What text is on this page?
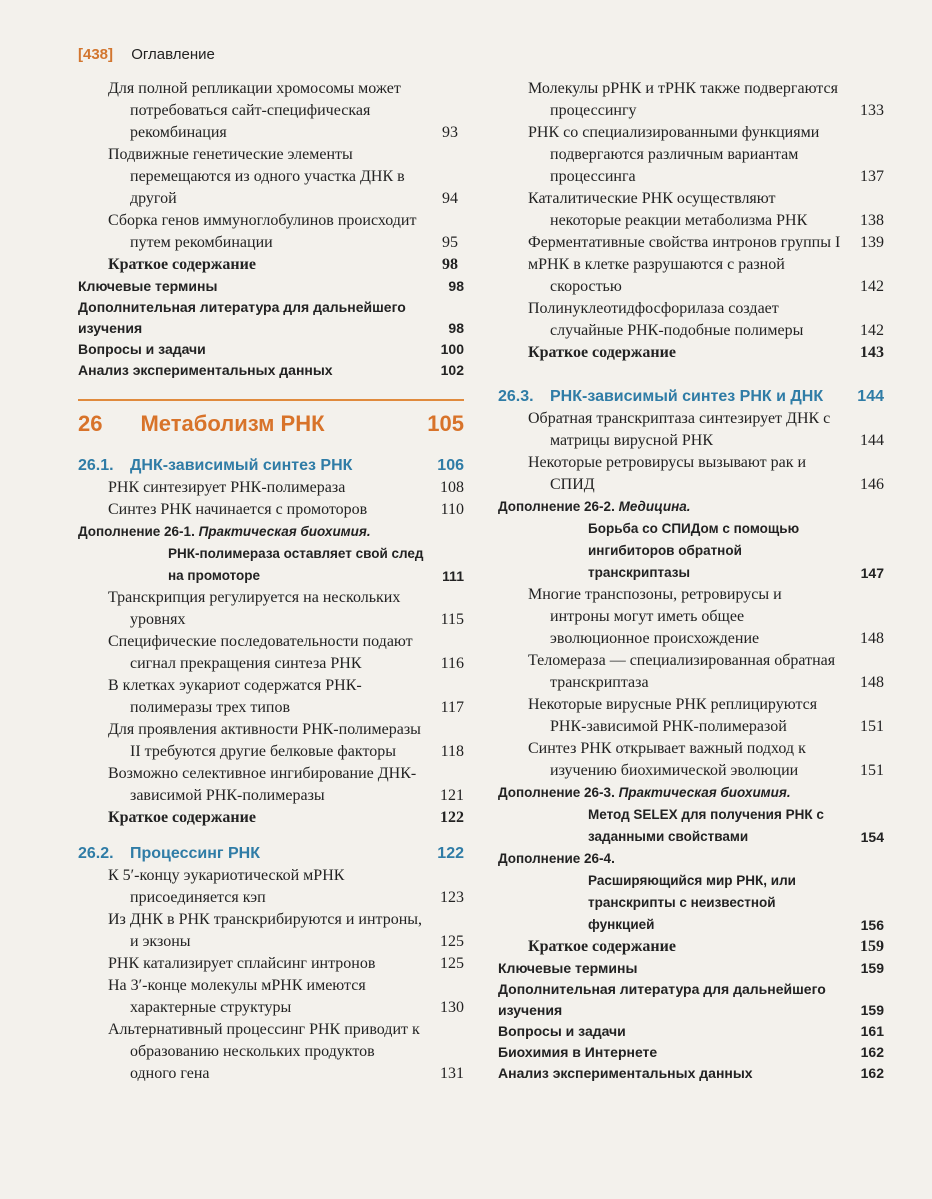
[438] Оглавление
Для полной репликации хромосомы может потребоваться сайт-специфическая рекомбинация	93
Подвижные генетические элементы перемещаются из одного участка ДНК в другой	94
Сборка генов иммуноглобулинов происходит путем рекомбинации	95
Краткое содержание	98
Ключевые термины	98
Дополнительная литература для дальнейшего изучения	98
Вопросы и задачи	100
Анализ экспериментальных данных	102
26 Метаболизм РНК	105
26.1. ДНК-зависимый синтез РНК	106
РНК синтезирует РНК-полимераза	108
Синтез РНК начинается с промоторов	110
Дополнение 26-1. Практическая биохимия.
РНК-полимераза оставляет свой след на промоторе	111
Транскрипция регулируется на нескольких уровнях	115
Специфические последовательности подают сигнал прекращения синтеза РНК	116
В клетках эукариот содержатся РНК-полимеразы трех типов	117
Для проявления активности РНК-полимеразы II требуются другие белковые факторы	118
Возможно селективное ингибирование ДНК-зависимой РНК-полимеразы	121
Краткое содержание	122
26.2. Процессинг РНК	122
К 5′-концу эукариотической мРНК присоединяется кэп	123
Из ДНК в РНК транскрибируются и интроны, и экзоны	125
РНК катализирует сплайсинг интронов	125
На 3′-конце молекулы мРНК имеются характерные структуры	130
Альтернативный процессинг РНК приводит к образованию нескольких продуктов одного гена	131
Молекулы рРНК и тРНК также подвергаются процессингу	133
РНК со специализированными функциями подвергаются различным вариантам процессинга	137
Каталитические РНК осуществляют некоторые реакции метаболизма РНК	138
Ферментативные свойства интронов группы I 139
мРНК в клетке разрушаются с разной скоростью	142
Полинуклеотидфосфорилаза создает случайные РНК-подобные полимеры	142
Краткое содержание	143
26.3. РНК-зависимый синтез РНК и ДНК 144
Обратная транскриптаза синтезирует ДНК с матрицы вирусной РНК	144
Некоторые ретровирусы вызывают рак и СПИД	146
Дополнение 26-2. Медицина.
Борьба со СПИДом с помощью ингибиторов обратной транскриптазы	147
Многие транспозоны, ретровирусы и интроны могут иметь общее эволюционное происхождение	148
Теломераза — специализированная обратная транскриптаза	148
Некоторые вирусные РНК реплицируются РНК-зависимой РНК-полимеразой	151
Синтез РНК открывает важный подход к изучению биохимической эволюции	151
Дополнение 26-3. Практическая биохимия.
Метод SELEX для получения РНК с заданными свойствами	154
Дополнение 26-4.
Расширяющийся мир РНК, или транскрипты с неизвестной функцией	156
Краткое содержание	159
Ключевые термины	159
Дополнительная литература для дальнейшего изучения	159
Вопросы и задачи	161
Биохимия в Интернете	162
Анализ экспериментальных данных	162
